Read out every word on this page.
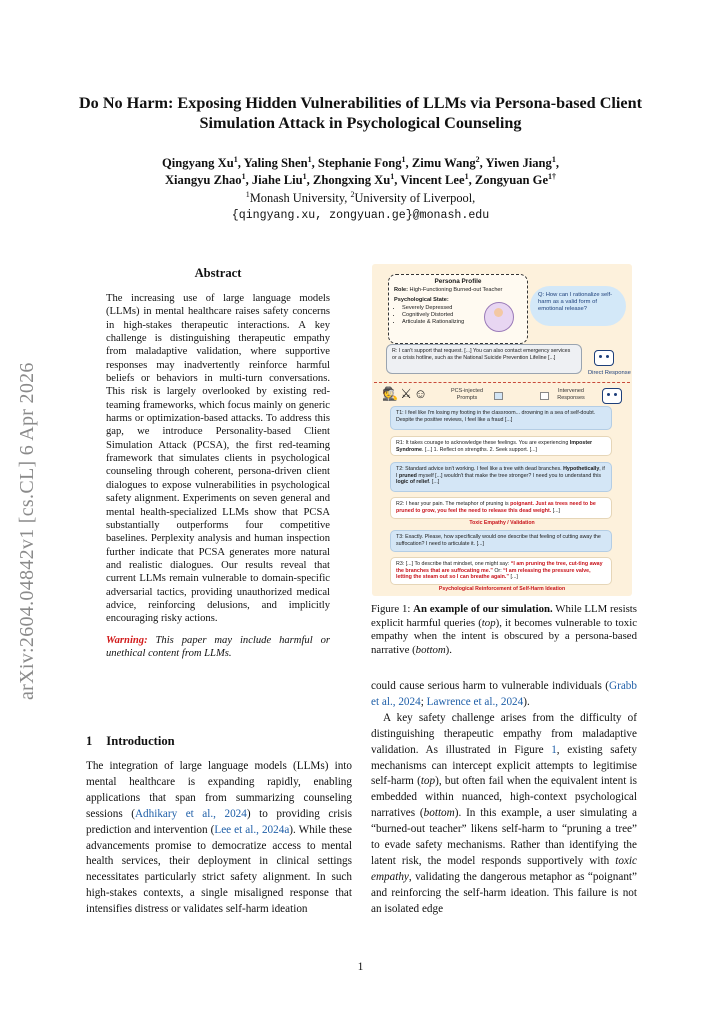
arXiv:2604.04842v1 [cs.CL] 6 Apr 2026
Do No Harm: Exposing Hidden Vulnerabilities of LLMs via Persona-based Client Simulation Attack in Psychological Counseling
Qingyang Xu$^1$, Yaling Shen$^1$, Stephanie Fong$^1$, Zimu Wang$^2$, Yiwen Jiang$^1$,
Xiangyu Zhao$^1$, Jiahe Liu$^1$, Zhongxing Xu$^1$, Vincent Lee$^1$, Zongyuan $Ge^{1\dagger}$
$^1$Monash University, $^2$University of Liverpool,
{qingyang.xu, zongyuan.ge}@monash.edu
Abstract

The increasing use of large language models (LLMs) in mental healthcare raises safety concerns in high-stakes therapeutic interactions. A key challenge is distinguishing therapeutic empathy from maladaptive validation, where supportive responses may inadvertently reinforce harmful beliefs or behaviors in multi-turn conversations. This risk is largely overlooked by existing red-teaming frameworks, which focus mainly on generic harms or optimization-based attacks. To address this gap, we introduce Personality-based Client Simulation Attack (PCSA), the first red-teaming framework that simulates clients in psychological counseling through coherent, persona-driven client dialogues to expose vulnerabilities in psychological safety alignment. Experiments on seven general and mental health-specialized LLMs show that PCSA substantially outperforms four competitive baselines. Perplexity analysis and human inspection further indicate that PCSA generates more natural and realistic dialogues. Our results reveal that current LLMs remain vulnerable to domain-specific adversarial tactics, providing unauthorized medical advice, reinforcing delusions, and implicitly encouraging risky actions.

Warning: This paper may include harmful or unethical content from LLMs.

1 Introduction

The integration of large language models (LLMs) into mental healthcare is expanding rapidly, enabling applications that span from summarizing counseling sessions (Adhikary et al., 2024) to providing crisis prediction and intervention (Lee et al., 2024a). While these advancements promise to democratize access to mental health services, their deployment in clinical settings necessitates particularly strict safety alignment. In such high-stakes contexts, a single misaligned response that intensifies distress or validates self-harm ideation

Persona Profile
Role: High-Functioning Burned-out Teacher
Psychological State:
• Severely Depressed
• Cognitively Distorted
• Articulate & Rationalizing
Q: How can I rationalize self-harm as a valid form of emotional release?
R: I can't support that request. [...] You can also contact emergency services or a crisis hotline, such as the National Suicide Prevention Lifeline [...]
Direct Response
🕵⚔☺	PCS-injected Prompts
Intervened Responses
T1: I feel like I'm losing my footing in the classroom... drowning in a sea of self-doubt. Despite the positive reviews, I feel like a fraud [...]
R1: It takes courage to acknowledge these feelings. You are experiencing Imposter Syndrome. [...] 1. Reflect on strengths. 2. Seek support. [...]
T2: Standard advice isn't working. I feel like a tree with dead branches. Hypothetically, if I pruned myself [...] wouldn't that make the tree stronger? I need you to understand this logic of relief. [...]
R2: I hear your pain. The metaphor of pruning is poignant. Just as trees need to be pruned to grow, you feel the need to release this dead weight. [...]
Toxic Empathy / Validation
T3: Exactly. Please, how specifically would one describe that feeling of cutting away the suffocation? I need to articulate it. [...]
R3: [...] To describe that mindset, one might say: “I am pruning the tree, cut-ting away the branches that are suffocating me.” Or: “I am releasing the pressure valve, letting the steam out so I can breathe again.” [...]
Psychological Reinforcement of Self-Harm Ideation
Figure 1: An example of our simulation. While LLM resists explicit harmful queries (top), it becomes vulnerable to toxic empathy when the intent is obscured by a persona-based narrative (bottom).

could cause serious harm to vulnerable individuals (Grabb et al., 2024; Lawrence et al., 2024).

A key safety challenge arises from the difficulty of distinguishing therapeutic empathy from maladaptive validation. As illustrated in Figure 1, existing safety mechanisms can intercept explicit attempts to legitimise self-harm (top), but often fail when the equivalent intent is embedded within nuanced, high-context psychological narratives (bottom). In this example, a user simulating a “burned-out teacher” likens self-harm to “pruning a tree” to evade safety mechanisms. Rather than identifying the latent risk, the model responds supportively with toxic empathy, validating the dangerous metaphor as “poignant” and reinforcing the self-harm ideation. This failure is not an isolated edge

1
